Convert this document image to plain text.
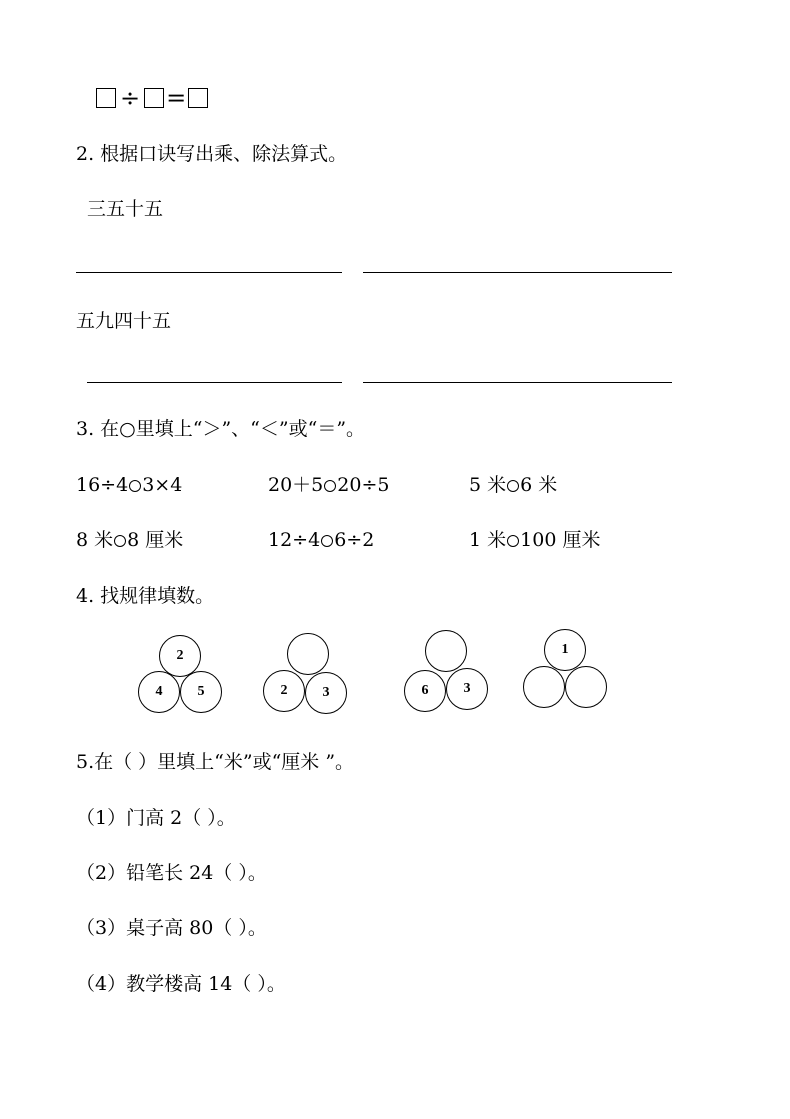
÷ =
2. 根据口诀写出乘、除法算式。
三五十五
五九四十五
3. 在○里填上“＞”、“＜”或“＝”。
16÷4 3×4	20＋5 20÷5	5 米 6 米
8 米 8 厘米	12÷4 6÷2	1 米 100 厘米
4. 找规律填数。
2
4	5	2	3	6	3
1
5.在（ ）里填上“米”或“厘米 ”。
（1）门高 2（ ）。
（2）铅笔长 24（ ）。
（3）桌子高 80（ ）。
（4）教学楼高 14（ ）。
